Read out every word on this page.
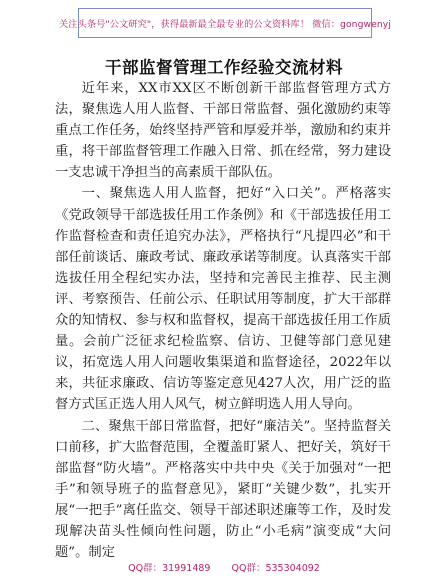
关注头条号"公文研究"，获得最新最全最专业的公文资料库！ 微信：gongwenyj
干部监督管理工作经验交流材料

近年来，XX市XX区不断创新干部监督管理方式方法，聚焦选人用人监督、干部日常监督、强化激励约束等重点工作任务，始终坚持严管和厚爱并举，激励和约束并重，将干部监督管理工作融入日常、抓在经常，努力建设一支忠诚干净担当的高素质干部队伍。

一、聚焦选人用人监督，把好“入口关”。严格落实《党政领导干部选拔任用工作条例》和《干部选拔任用工作监督检查和责任追究办法》，严格执行“凡提四必”和干部任前谈话、廉政考试、廉政承诺等制度。认真落实干部选拔任用全程纪实办法，坚持和完善民主推荐、民主测评、考察预告、任前公示、任职试用等制度，扩大干部群众的知情权、参与权和监督权，提高干部选拔任用工作质量。会前广泛征求纪检监察、信访、卫健等部门意见建议，拓宽选人用人问题收集渠道和监督途径，2022年以来，共征求廉政、信访等鉴定意见427人次，用广泛的监督方式匡正选人用人风气，树立鲜明选人用人导向。

二、聚焦干部日常监督，把好“廉洁关”。坚持监督关口前移，扩大监督范围，全覆盖盯紧人、把好关，筑好干部监督“防火墙”。严格落实中共中央《关于加强对“一把手”和领导班子的监督意见》，紧盯“关键少数”，扎实开展“一把手”离任监交、领导干部述职述廉等工作，及时发现解决苗头性倾向性问题，防止“小毛病”演变成“大问题”。制定

QQ群：31991489 QQ群：535304092
